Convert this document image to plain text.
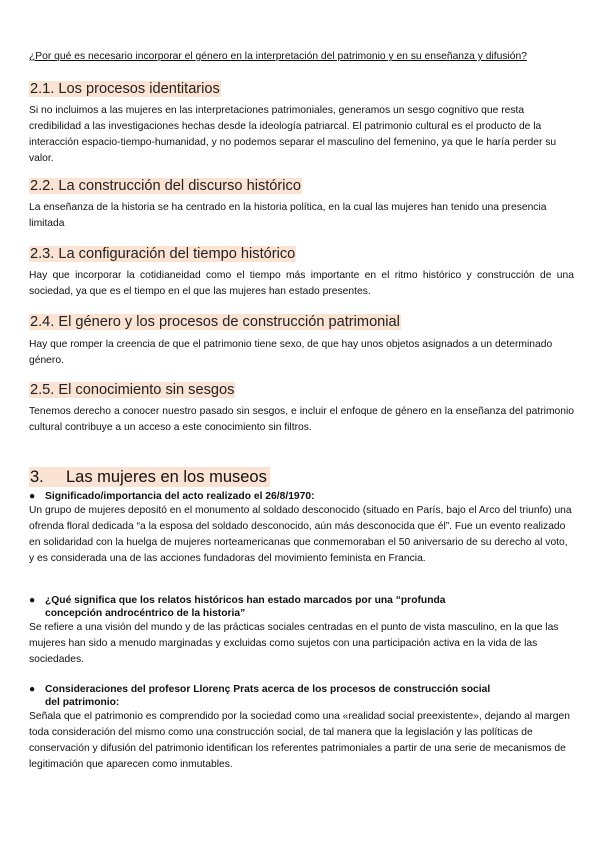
¿Por qué es necesario incorporar el género en la interpretación del patrimonio y en su enseñanza y difusión?
2.1. Los procesos identitarios
Si no incluimos a las mujeres en las interpretaciones patrimoniales, generamos un sesgo cognitivo que resta credibilidad a las investigaciones hechas desde la ideología patriarcal. El patrimonio cultural es el producto de la interacción espacio-tiempo-humanidad, y no podemos separar el masculino del femenino, ya que le haría perder su valor.
2.2. La construcción del discurso histórico
La enseñanza de la historia se ha centrado en la historia política, en la cual las mujeres han tenido una presencia limitada
2.3. La configuración del tiempo histórico
Hay que incorporar la cotidianeidad como el tiempo más importante en el ritmo histórico y construcción de una sociedad, ya que es el tiempo en el que las mujeres han estado presentes.
2.4. El género y los procesos de construcción patrimonial
Hay que romper la creencia de que el patrimonio tiene sexo, de que hay unos objetos asignados a un determinado género.
2.5. El conocimiento sin sesgos
Tenemos derecho a conocer nuestro pasado sin sesgos, e incluir el enfoque de género en la enseñanza del patrimonio cultural contribuye a un acceso a este conocimiento sin filtros.
3. Las mujeres en los museos
● Significado/importancia del acto realizado el 26/8/1970:
Un grupo de mujeres depositó en el monumento al soldado desconocido (situado en París, bajo el Arco del triunfo) una ofrenda floral dedicada “a la esposa del soldado desconocido, aún más desconocida que él”. Fue un evento realizado en solidaridad con la huelga de mujeres norteamericanas que conmemoraban el 50 aniversario de su derecho al voto, y es considerada una de las acciones fundadoras del movimiento feminista en Francia.
● ¿Qué significa que los relatos históricos han estado marcados por una “profunda
concepción androcéntrico de la historia”
Se refiere a una visión del mundo y de las prácticas sociales centradas en el punto de vista masculino, en la que las mujeres han sido a menudo marginadas y excluidas como sujetos con una participación activa en la vida de las sociedades.
● Consideraciones del profesor Llorenç Prats acerca de los procesos de construcción social
del patrimonio:
Señala que el patrimonio es comprendido por la sociedad como una «realidad social preexistente», dejando al margen toda consideración del mismo como una construcción social, de tal manera que la legislación y las políticas de conservación y difusión del patrimonio identifican los referentes patrimoniales a partir de una serie de mecanismos de legitimación que aparecen como inmutables.
